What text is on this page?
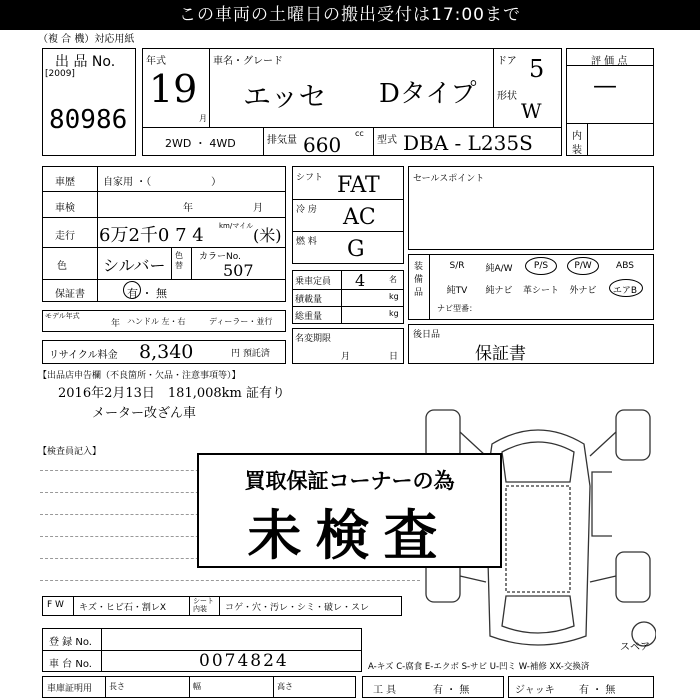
この車両の土曜日の搬出受付は17:00まで
（複 合 機）対応用紙
出 品 No.
[2009]
80986
年式
19
月
車名・グレード
エッセ Dタイプ
ドア 5
形状
W
2WD ・ 4WD	排気量 660 cc
型式 DBA - L235S
評 価 点
—
内
装
車歴	自家用 ・（　　　　　　）
車検	年	月
走行 6万2千0 7 4 km/マイル (米)
色 シルバー
色替
カラーNo.
507
保証書	有 ・ 無
モデル年式
年 ハンドル 左・右	ディーラー・並行
リサイクル料金 8,340	円 預託済
シフト FAT
冷 房 AC
燃 料 G
乗車定員 4	名
積載量	kg
総重量	kg
名変期限
月	日
セールスポイント
装 備 品
S/R	純A/W	P/S	P/W	ABS
純TV	純ナビ	革シート	外ナビ	エアB
ナビ型番：
後日品
保証書
【出品店申告欄（不良箇所・欠品・注意事項等）】
2016年2月13日　181,008km 証有り
メーター改ざん車
【検査員記入】
スペア
F W キズ・ヒビ石・割レX
シート内装	コゲ・穴・汚レ・シミ・破レ・スレ
登 録 No.
車 台 No.	0074824	A-キズ C-腐食 E-エクボ S-サビ U-凹ミ W-補修 XX-交換済
車庫証明用 長さ	幅	高さ	工 具	有 ・ 無	ジャッキ 有 ・ 無
買取保証コーナーの為
未検査
